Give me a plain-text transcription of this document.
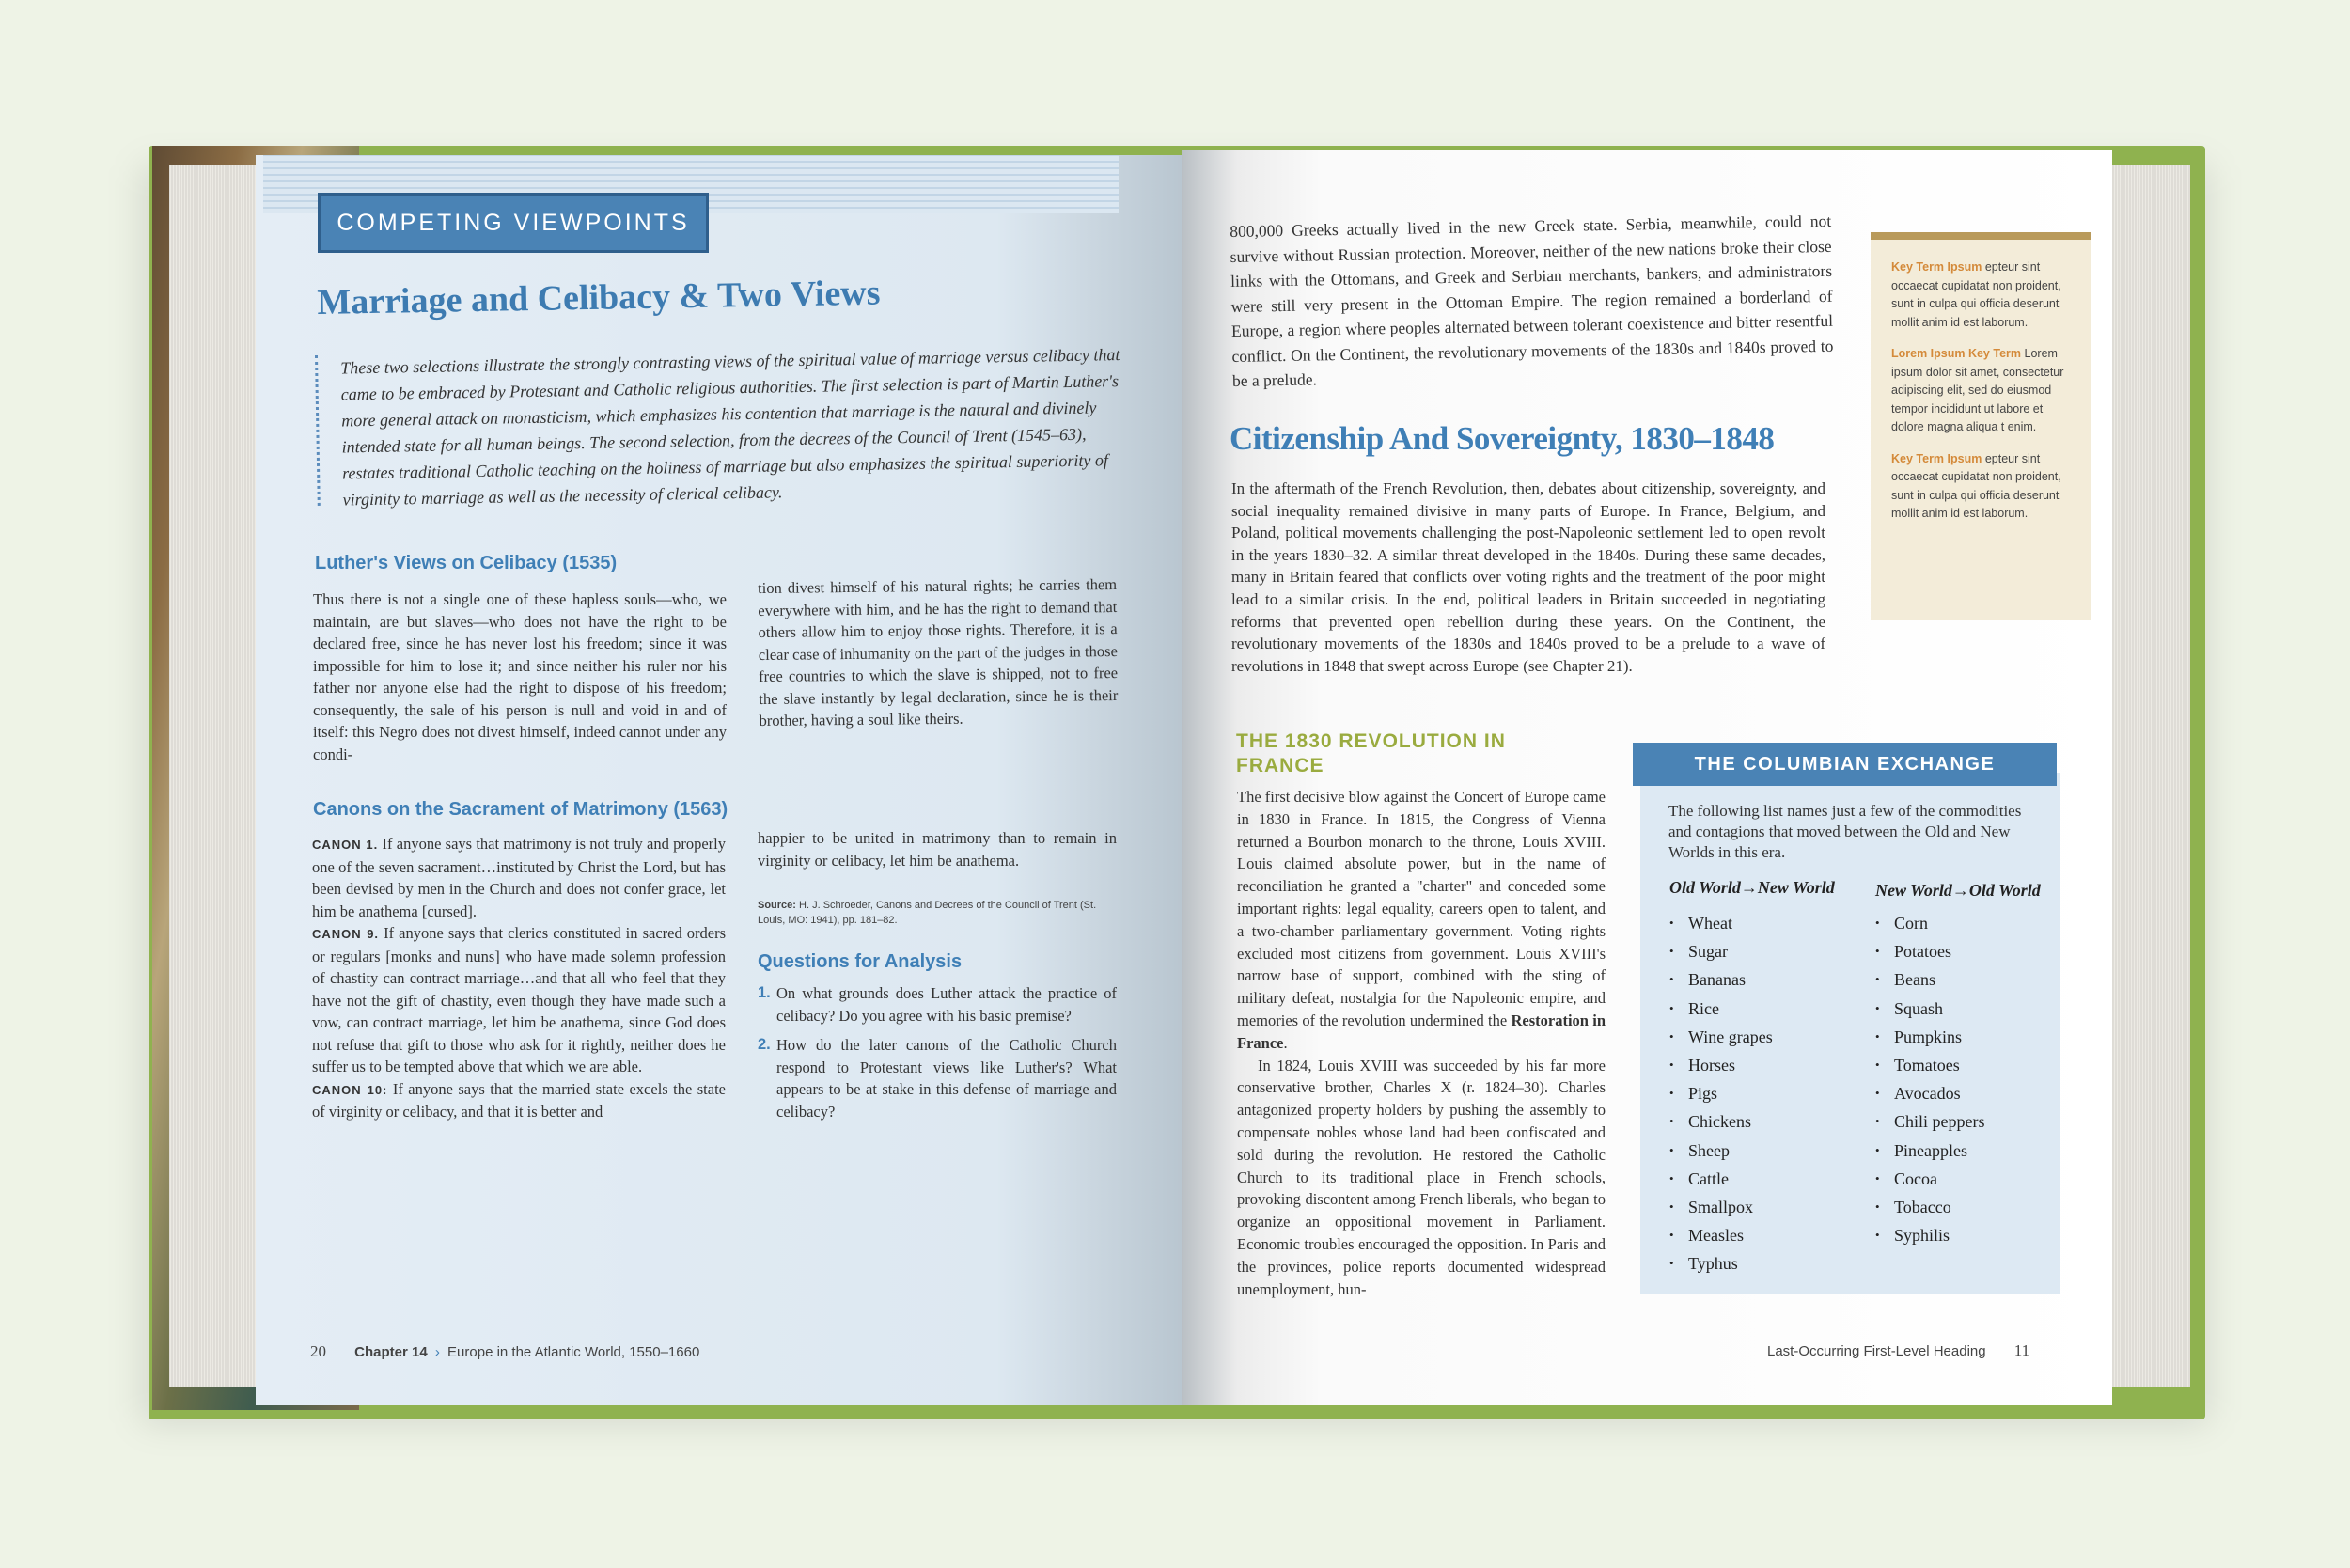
COMPETING VIEWPOINTS
Marriage and Celibacy & Two Views
These two selections illustrate the strongly contrasting views of the spiritual value of marriage versus celibacy that came to be embraced by Protestant and Catholic religious authorities. The first selection is part of Martin Luther's more general attack on monasticism, which emphasizes his contention that marriage is the natural and divinely intended state for all human beings. The second selection, from the decrees of the Council of Trent (1545–63), restates traditional Catholic teaching on the holiness of marriage but also emphasizes the spiritual superiority of virginity to marriage as well as the necessity of clerical celibacy.
Luther's Views on Celibacy (1535)
Thus there is not a single one of these hapless souls—who, we maintain, are but slaves—who does not have the right to be declared free, since he has never lost his freedom; since it was impossible for him to lose it; and since neither his ruler nor his father nor anyone else had the right to dispose of his freedom; consequently, the sale of his person is null and void in and of itself: this Negro does not divest himself, indeed cannot under any condi-
tion divest himself of his natural rights; he carries them everywhere with him, and he has the right to demand that others allow him to enjoy those rights. Therefore, it is a clear case of inhumanity on the part of the judges in those free countries to which the slave is shipped, not to free the slave instantly by legal declaration, since he is their brother, having a soul like theirs.
Canons on the Sacrament of Matrimony (1563)
CANON 1. If anyone says that matrimony is not truly and properly one of the seven sacrament…instituted by Christ the Lord, but has been devised by men in the Church and does not confer grace, let him be anathema [cursed].
CANON 9. If anyone says that clerics constituted in sacred orders or regulars [monks and nuns] who have made solemn profession of chastity can contract marriage…and that all who feel that they have not the gift of chastity, even though they have made such a vow, can contract marriage, let him be anathema, since God does not refuse that gift to those who ask for it rightly, neither does he suffer us to be tempted above that which we are able.
CANON 10: If anyone says that the married state excels the state of virginity or celibacy, and that it is better and
happier to be united in matrimony than to remain in virginity or celibacy, let him be anathema.
Source: H. J. Schroeder, Canons and Decrees of the Council of Trent (St. Louis, MO: 1941), pp. 181–82.
Questions for Analysis
1. On what grounds does Luther attack the practice of celibacy? Do you agree with his basic premise?
2. How do the later canons of the Catholic Church respond to Protestant views like Luther's? What appears to be at stake in this defense of marriage and celibacy?
20 Chapter 14 › Europe in the Atlantic World, 1550–1660
800,000 Greeks actually lived in the new Greek state. Serbia, meanwhile, could not survive without Russian protection. Moreover, neither of the new nations broke their close links with the Ottomans, and Greek and Serbian merchants, bankers, and administrators were still very present in the Ottoman Empire. The region remained a borderland of Europe, a region where peoples alternated between tolerant coexistence and bitter resentful conflict. On the Continent, the revolutionary movements of the 1830s and 1840s proved to be a prelude.
Citizenship And Sovereignty, 1830–1848
In the aftermath of the French Revolution, then, debates about citizenship, sovereignty, and social inequality remained divisive in many parts of Europe. In France, Belgium, and Poland, political movements challenging the post-Napoleonic settlement led to open revolt in the years 1830–32. A similar threat developed in the 1840s. During these same decades, many in Britain feared that conflicts over voting rights and the treatment of the poor might lead to a similar crisis. In the end, political leaders in Britain succeeded in negotiating reforms that prevented open rebellion during these years. On the Continent, the revolutionary movements of the 1830s and 1840s proved to be a prelude to a wave of revolutions in 1848 that swept across Europe (see Chapter 21).
THE 1830 REVOLUTION IN FRANCE

The first decisive blow against the Concert of Europe came in 1830 in France. In 1815, the Congress of Vienna returned a Bourbon monarch to the throne, Louis XVIII. Louis claimed absolute power, but in the name of reconciliation he granted a "charter" and conceded some important rights: legal equality, careers open to talent, and a two-chamber parliamentary government. Voting rights excluded most citizens from government. Louis XVIII's narrow base of support, combined with the sting of military defeat, nostalgia for the Napoleonic empire, and memories of the revolution undermined the Restoration in France.

In 1824, Louis XVIII was succeeded by his far more conservative brother, Charles X (r. 1824–30). Charles antagonized property holders by pushing the assembly to compensate nobles whose land had been confiscated and sold during the revolution. He restored the Catholic Church to its traditional place in French schools, provoking discontent among French liberals, who began to organize an oppositional movement in Parliament. Economic troubles encouraged the opposition. In Paris and the provinces, police reports documented widespread unemployment, hun-

Key Term Ipsum epteur sint occaecat cupidatat non proident, sunt in culpa qui officia deserunt mollit anim id est laborum.

Lorem Ipsum Key Term Lorem ipsum dolor sit amet, consectetur adipiscing elit, sed do eiusmod tempor incididunt ut labore et dolore magna aliqua t enim.

Key Term Ipsum epteur sint occaecat cupidatat non proident, sunt in culpa qui officia deserunt mollit anim id est laborum.

THE COLUMBIAN EXCHANGE
The following list names just a few of the commodities and contagions that moved between the Old and New Worlds in this era.
Old World→New World New World→Old World
• Wheat
• Sugar
• Bananas
• Rice
• Wine grapes
• Horses
• Pigs
• Chickens
• Sheep
• Cattle
• Smallpox
• Measles
• Typhus
• Corn
• Potatoes
• Beans
• Squash
• Pumpkins
• Tomatoes
• Avocados
• Chili peppers
• Pineapples
• Cocoa
• Tobacco
• Syphilis
Last-Occurring First-Level Heading 11
